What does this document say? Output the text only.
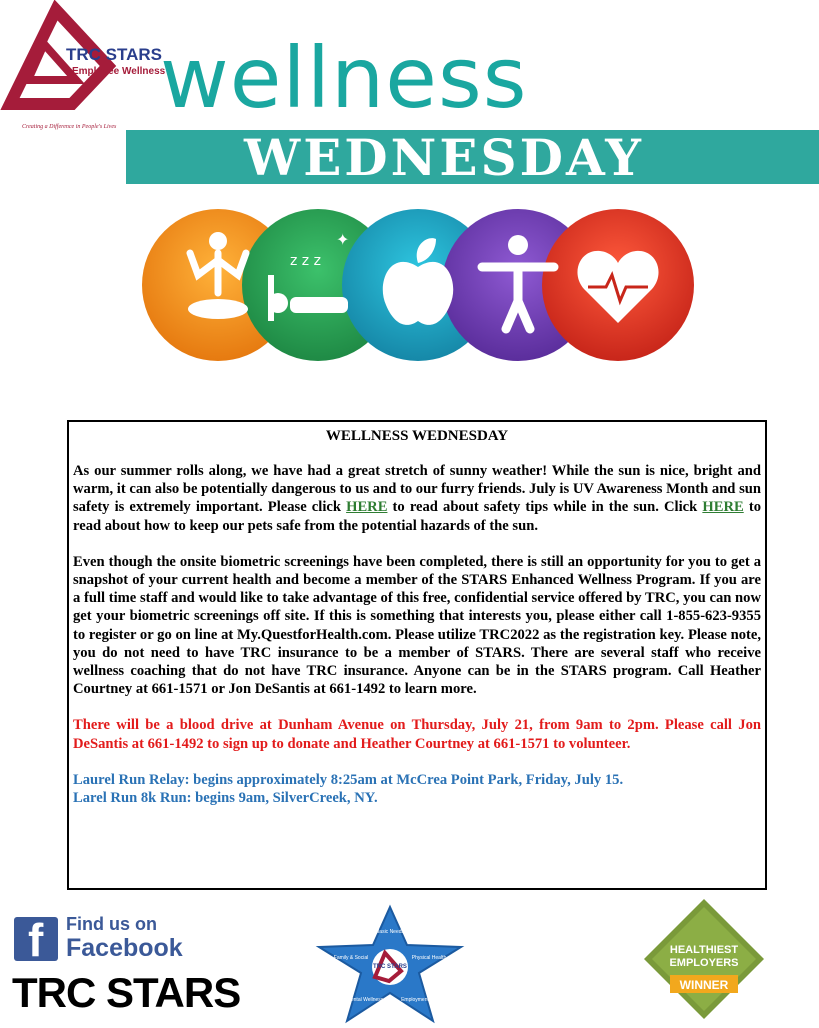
TRC STARS
Employee Wellness
Creating a Difference in People's Lives wellness
WEDNESDAY
z z z
✦
WELLNESS WEDNESDAY

As our summer rolls along, we have had a great stretch of sunny weather! While the sun is nice, bright and warm, it can also be potentially dangerous to us and to our furry friends. July is UV Awareness Month and sun safety is extremely important. Please click HERE to read about safety tips while in the sun. Click HERE to read about how to keep our pets safe from the potential hazards of the sun.

Even though the onsite biometric screenings have been completed, there is still an opportunity for you to get a snapshot of your current health and become a member of the STARS Enhanced Wellness Program. If you are a full time staff and would like to take advantage of this free, confidential service offered by TRC, you can now get your biometric screenings off site. If this is something that interests you, please either call 1-855-623-9355 to register or go on line at My.QuestforHealth.com. Please utilize TRC2022 as the registration key. Please note, you do not need to have TRC insurance to be a member of STARS. There are several staff who receive wellness coaching that do not have TRC insurance. Anyone can be in the STARS program. Call Heather Courtney at 661-1571 or Jon DeSantis at 661-1492 to learn more.

There will be a blood drive at Dunham Avenue on Thursday, July 21, from 9am to 2pm. Please call Jon DeSantis at 661-1492 to sign up to donate and Heather Courtney at 661-1571 to volunteer.

Laurel Run Relay: begins approximately 8:25am at McCrea Point Park, Friday, July 15.
Larel Run 8k Run: begins 9am, SilverCreek, NY.

f Find us on
Facebook
TRC STARS
TRC STARS
Basic Needs
Family & Social	Physical Health
Mental Wellness	Employment
HEALTHIEST
EMPLOYERS
WINNER
